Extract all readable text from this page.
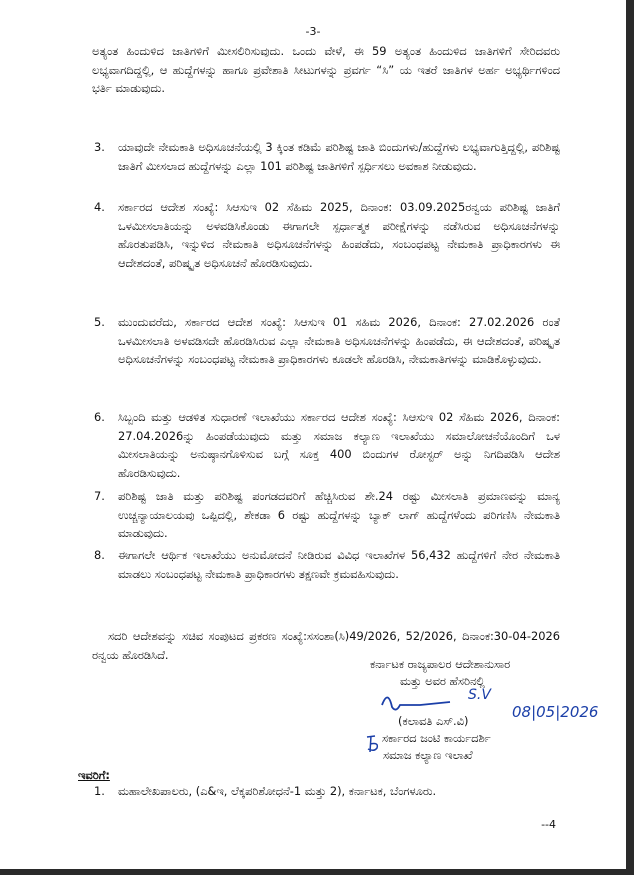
-3-
ಅತ್ಯಂತ ಹಿಂದುಳಿದ ಜಾತಿಗಳಿಗೆ ಮೀಸಲಿರಿಸುವುದು. ಒಂದು ವೇಳೆ, ಈ 59 ಅತ್ಯಂತ ಹಿಂದುಳಿದ ಜಾತಿಗಳಿಗೆ ಸೇರಿದವರು ಲಭ್ಯವಾಗದಿದ್ದಲ್ಲಿ, ಆ ಹುದ್ದೆಗಳನ್ನು ಹಾಗೂ ಪ್ರವೇಶಾತಿ ಸೀಟುಗಳನ್ನು ಪ್ರವರ್ಗ “ಸಿ” ಯ ಇತರೆ ಜಾತಿಗಳ ಅರ್ಹ ಅಭ್ಯರ್ಥಿಗಳಿಂದ ಭರ್ತಿ ಮಾಡುವುದು.
3. ಯಾವುದೇ ನೇಮಕಾತಿ ಅಧಿಸೂಚನೆಯಲ್ಲಿ 3 ಕ್ಕಿಂತ ಕಡಿಮೆ ಪರಿಶಿಷ್ಟ ಜಾತಿ ಬಿಂದುಗಳು/ಹುದ್ದೆಗಳು ಲಭ್ಯವಾಗುತ್ತಿದ್ದಲ್ಲಿ, ಪರಿಶಿಷ್ಟ ಜಾತಿಗೆ ಮೀಸಲಾದ ಹುದ್ದೆಗಳನ್ನು ಎಲ್ಲಾ 101 ಪರಿಶಿಷ್ಟ ಜಾತಿಗಳಿಗೆ ಸ್ಪರ್ಧಿಸಲು ಅವಕಾಶ ನೀಡುವುದು.
4. ಸರ್ಕಾರದ ಆದೇಶ ಸಂಖ್ಯೆ: ಸಿಆಸುಇ 02 ಸೆಹಿಮ 2025, ದಿನಾಂಕ: 03.09.2025ರನ್ವಯ ಪರಿಶಿಷ್ಟ ಜಾತಿಗೆ ಒಳಮೀಸಲಾತಿಯನ್ನು ಅಳವಡಿಸಿಕೊಂಡು ಈಗಾಗಲೇ ಸ್ಪರ್ಧಾತ್ಮಕ ಪರೀಕ್ಷೆಗಳನ್ನು ನಡೆಸಿರುವ ಅಧಿಸೂಚನೆಗಳನ್ನು ಹೊರತುಪಡಿಸಿ, ಇನ್ನುಳಿದ ನೇಮಕಾತಿ ಅಧಿಸೂಚನೆಗಳನ್ನು ಹಿಂಪಡೆದು, ಸಂಬಂಧಪಟ್ಟ ನೇಮಕಾತಿ ಪ್ರಾಧಿಕಾರಗಳು ಈ ಆದೇಶದಂತೆ, ಪರಿಷ್ಕೃತ ಅಧಿಸೂಚನೆ ಹೊರಡಿಸುವುದು.
5. ಮುಂದುವರೆದು, ಸರ್ಕಾರದ ಆದೇಶ ಸಂಖ್ಯೆ: ಸಿಆಸುಇ 01 ಸಹಿಮ 2026, ದಿನಾಂಕ: 27.02.2026 ರಂತೆ ಒಳಮೀಸಲಾತಿ ಅಳವಡಿಸದೇ ಹೊರಡಿಸಿರುವ ಎಲ್ಲಾ ನೇಮಕಾತಿ ಅಧಿಸೂಚನೆಗಳನ್ನು ಹಿಂಪಡೆದು, ಈ ಆದೇಶದಂತೆ, ಪರಿಷ್ಕೃತ ಅಧಿಸೂಚನೆಗಳನ್ನು ಸಂಬಂಧಪಟ್ಟ ನೇಮಕಾತಿ ಪ್ರಾಧಿಕಾರಗಳು ಕೂಡಲೇ ಹೊರಡಿಸಿ, ನೇಮಕಾತಿಗಳನ್ನು ಮಾಡಿಕೊಳ್ಳುವುದು.
6. ಸಿಬ್ಬಂದಿ ಮತ್ತು ಆಡಳಿತ ಸುಧಾರಣೆ ಇಲಾಖೆಯು ಸರ್ಕಾರದ ಆದೇಶ ಸಂಖ್ಯೆ: ಸಿಆಸುಇ 02 ಸೆಹಿಮ 2026, ದಿನಾಂಕ: 27.04.2026ನ್ನು ಹಿಂಪಡೆಯುವುದು ಮತ್ತು ಸಮಾಜ ಕಲ್ಯಾಣ ಇಲಾಖೆಯು ಸಮಾಲೋಚನೆಯೊಂದಿಗೆ ಒಳ ಮೀಸಲಾತಿಯನ್ನು ಅನುಷ್ಠಾನಗೊಳಿಸುವ ಬಗ್ಗೆ ಸೂಕ್ತ 400 ಬಿಂದುಗಳ ರೋಸ್ಟರ್ ಅನ್ನು ನಿಗದಿಪಡಿಸಿ ಆದೇಶ ಹೊರಡಿಸುವುದು.
7. ಪರಿಶಿಷ್ಟ ಜಾತಿ ಮತ್ತು ಪರಿಶಿಷ್ಟ ಪಂಗಡದವರಿಗೆ ಹೆಚ್ಚಿಸಿರುವ ಶೇ.24 ರಷ್ಟು ಮೀಸಲಾತಿ ಪ್ರಮಾಣವನ್ನು ಮಾನ್ಯ ಉಚ್ಚನ್ಯಾಯಾಲಯವು ಒಪ್ಪಿದಲ್ಲಿ, ಶೇಕಡಾ 6 ರಷ್ಟು ಹುದ್ದೆಗಳನ್ನು ಬ್ಯಾಕ್ ಲಾಗ್ ಹುದ್ದೆಗಳೆಂದು ಪರಿಗಣಿಸಿ ನೇಮಕಾತಿ ಮಾಡುವುದು.
8. ಈಗಾಗಲೇ ಆರ್ಥಿಕ ಇಲಾಖೆಯು ಅನುಮೋದನೆ ನೀಡಿರುವ ವಿವಿಧ ಇಲಾಖೆಗಳ 56,432 ಹುದ್ದೆಗಳಿಗೆ ನೇರ ನೇಮಕಾತಿ ಮಾಡಲು ಸಂಬಂಧಪಟ್ಟ ನೇಮಕಾತಿ ಪ್ರಾಧಿಕಾರಗಳು ತಕ್ಷಣವೇ ಕ್ರಮವಹಿಸುವುದು.
ಸದರಿ ಆದೇಶವನ್ನು ಸಚಿವ ಸಂಪುಟದ ಪ್ರಕರಣ ಸಂಖ್ಯೆ:ಸಸಂಶಾ(ಸಿ)49/2026, 52/2026, ದಿನಾಂಕ:30-04-2026 ರನ್ವಯ ಹೊರಡಿಸಿದೆ.
ಕರ್ನಾಟಕ ರಾಜ್ಯಪಾಲರ ಆದೇಶಾನುಸಾರ
ಮತ್ತು ಅವರ ಹೆಸರಿನಲ್ಲಿ
S.V
08|05|2026
(ಕಲಾವತಿ ಎಸ್.ವಿ)
ಸರ್ಕಾರದ ಜಂಟಿ ಕಾರ್ಯದರ್ಶಿ
ಸಮಾಜ ಕಲ್ಯಾಣ ಇಲಾಖೆ
ಇವರಿಗೆ:
1. ಮಹಾಲೇಖಪಾಲರು, (ಎ&ಇ, ಲೆಕ್ಕಪರಿಶೋಧನೆ-1 ಮತ್ತು 2), ಕರ್ನಾಟಕ, ಬೆಂಗಳೂರು.
--4
